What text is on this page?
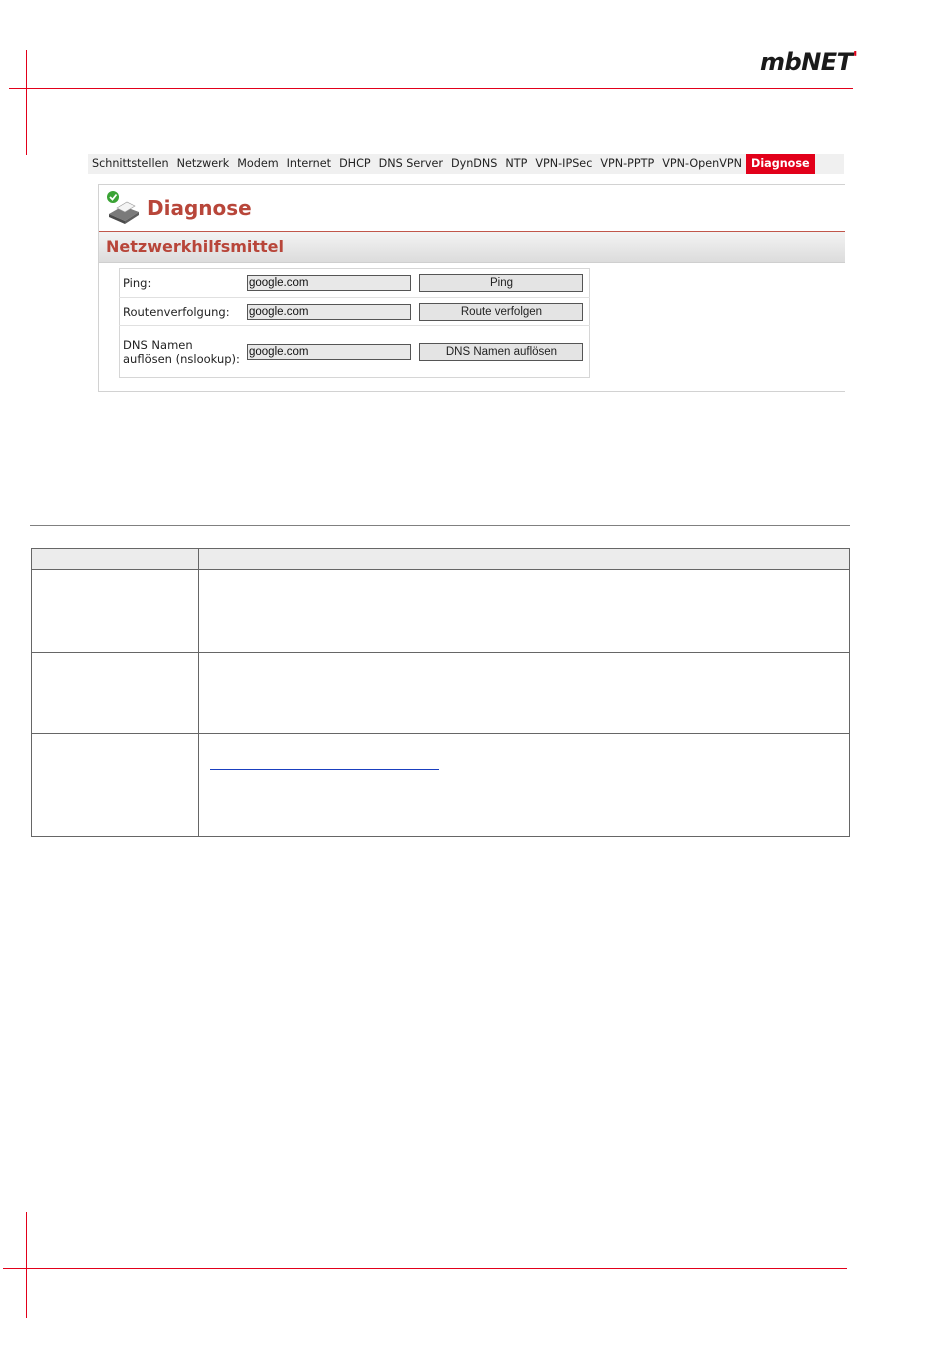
mbNET'
Schnittstellen Netzwerk Modem Internet DHCP DNS Server DynDNS NTP VPN-IPSec VPN-PPTP VPN-OpenVPN Diagnose
Diagnose
Netzwerkhilfsmittel
Ping:	google.com	Ping
Routenverfolgung:	google.com	Route verfolgen
DNS Namen auflösen (nslookup):	google.com	DNS Namen auflösen
